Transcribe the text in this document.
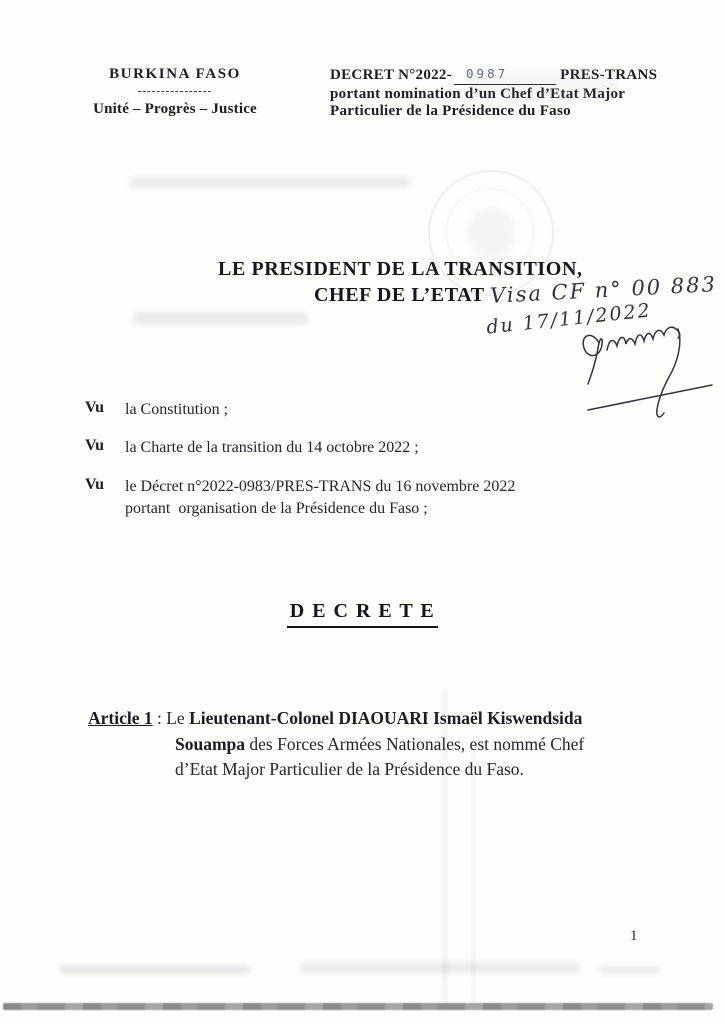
BURKINA FASO
----------------
Unité – Progrès – Justice
DECRET N°2022- 0987	PRES-TRANS
portant nomination d’un Chef d’Etat Major
Particulier de la Présidence du Faso
LE PRESIDENT DE LA TRANSITION,
CHEF DE L’ETAT Visa CF n° 00 883
du 17/11/2022
Vu	la Constitution ;
Vu	la Charte de la transition du 14 octobre 2022 ;
Vu	le Décret n°2022-0983/PRES-TRANS du 16 novembre 2022
portant  organisation de la Présidence du Faso ;
D E C R E T E
Article 1 : Le Lieutenant-Colonel DIAOUARI Ismaël Kiswendsida
Souampa des Forces Armées Nationales, est nommé Chef
d’Etat Major Particulier de la Présidence du Faso.
1
